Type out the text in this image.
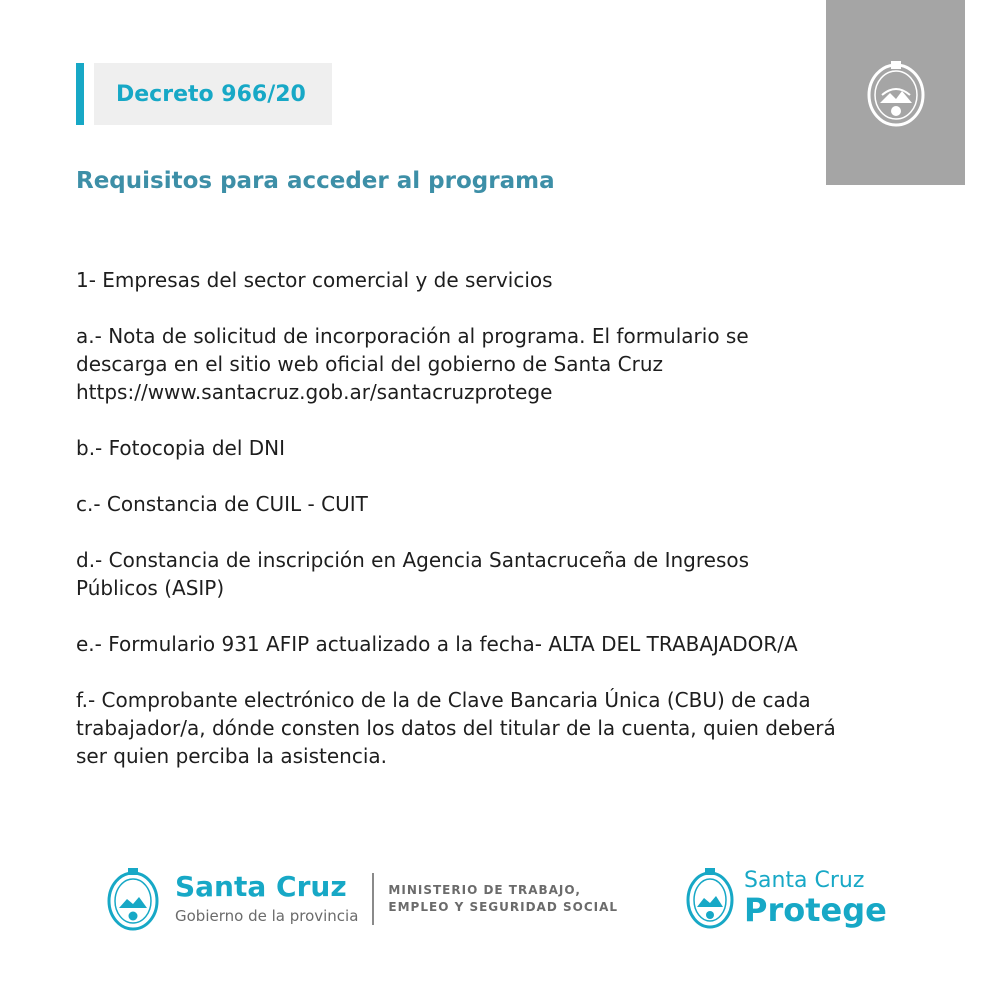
Decreto 966/20
Requisitos para acceder al programa

1- Empresas del sector comercial y de servicios

a.- Nota de solicitud de incorporación al programa. El formulario se
descarga en el sitio web oficial del gobierno de Santa Cruz
https://www.santacruz.gob.ar/santacruzprotege

b.- Fotocopia del DNI

c.- Constancia de CUIL - CUIT

d.- Constancia de inscripción en Agencia Santacruceña de Ingresos
Públicos (ASIP)

e.- Formulario 931 AFIP actualizado a la fecha- ALTA DEL TRABAJADOR/A

f.- Comprobante electrónico de la de Clave Bancaria Única (CBU) de cada
trabajador/a, dónde consten los datos del titular de la cuenta, quien deberá
ser quien perciba la asistencia.

Santa Cruz
Gobierno de la provincia
MINISTERIO DE TRABAJO,
EMPLEO Y SEGURIDAD SOCIAL
Santa Cruz
Protege
